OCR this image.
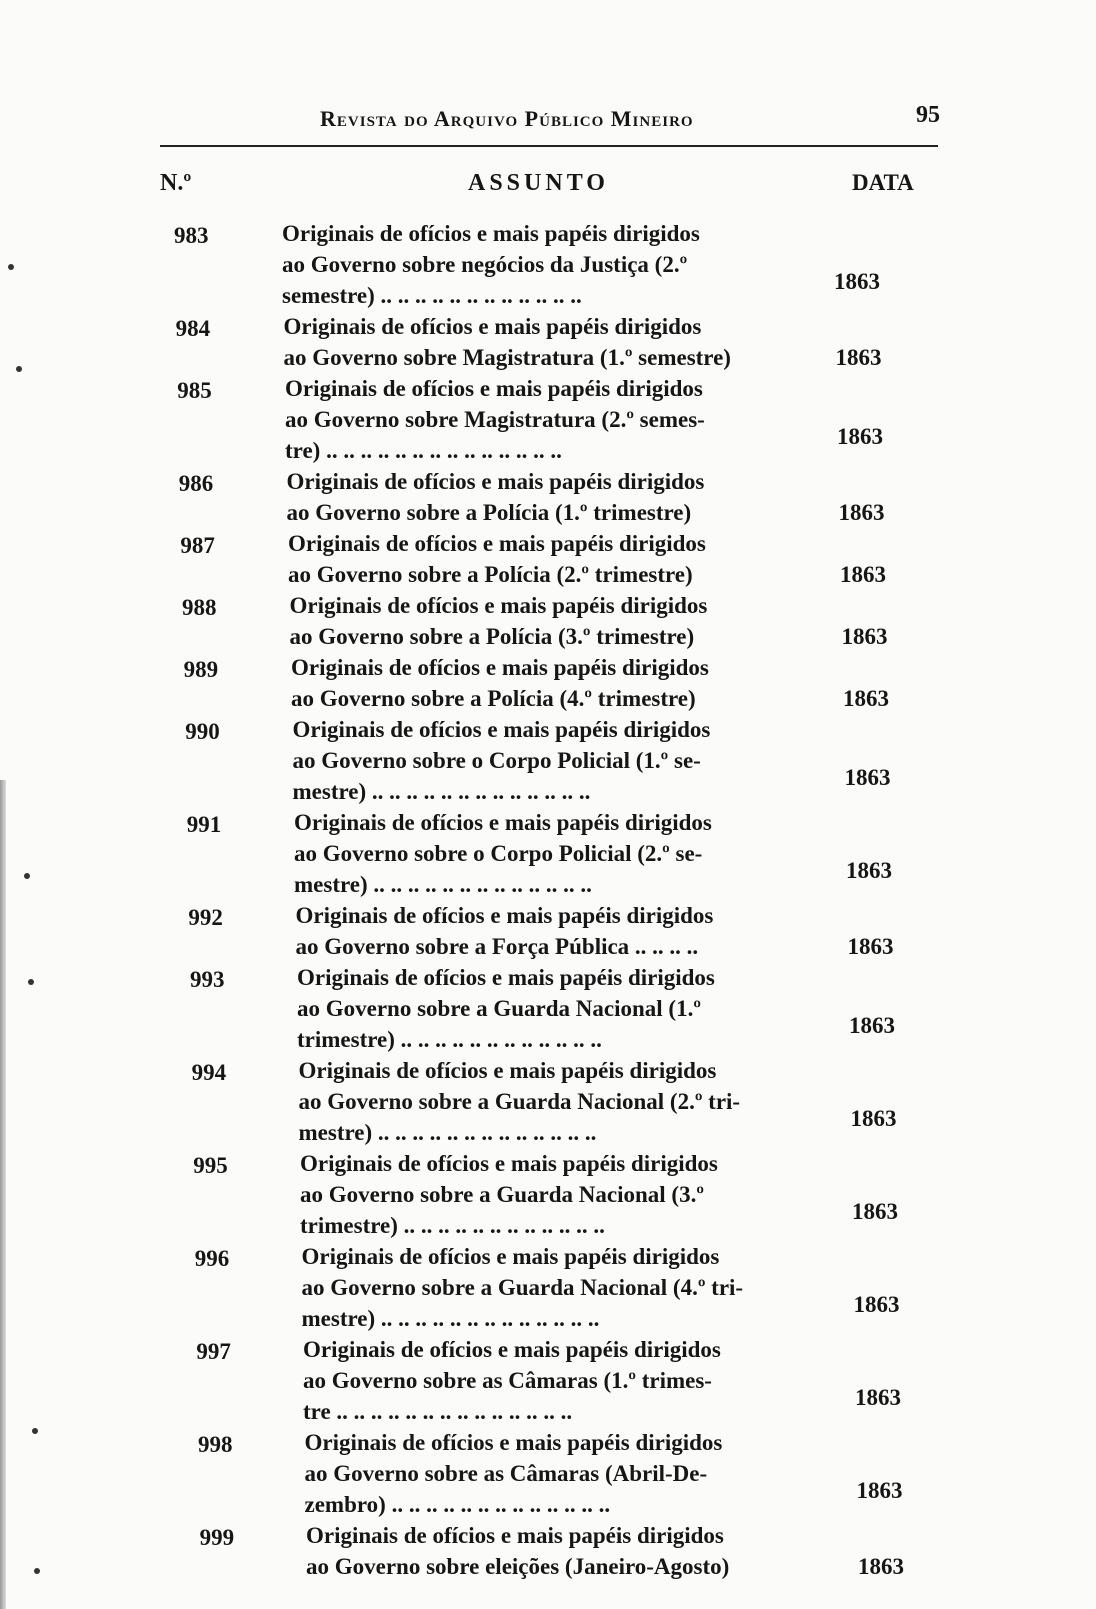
Revista do Arquivo Público Mineiro	95
N.º	ASSUNTO	DATA
983	Originais de ofícios e mais papéis dirigidos
ao Governo sobre negócios da Justiça (2.º
semestre) .. .. .. .. .. .. .. .. .. .. .. ..
1863
984	Originais de ofícios e mais papéis dirigidos
ao Governo sobre Magistratura (1.º semestre)	1863
985	Originais de ofícios e mais papéis dirigidos
ao Governo sobre Magistratura (2.º semes-
tre) .. .. .. .. .. .. .. .. .. .. .. .. .. ..
1863
986	Originais de ofícios e mais papéis dirigidos
ao Governo sobre a Polícia (1.º trimestre)	1863
987	Originais de ofícios e mais papéis dirigidos
ao Governo sobre a Polícia (2.º trimestre)	1863
988	Originais de ofícios e mais papéis dirigidos
ao Governo sobre a Polícia (3.º trimestre)	1863
989	Originais de ofícios e mais papéis dirigidos
ao Governo sobre a Polícia (4.º trimestre)	1863
990	Originais de ofícios e mais papéis dirigidos
ao Governo sobre o Corpo Policial (1.º se-
mestre) .. .. .. .. .. .. .. .. .. .. .. .. ..
1863
991	Originais de ofícios e mais papéis dirigidos
ao Governo sobre o Corpo Policial (2.º se-
mestre) .. .. .. .. .. .. .. .. .. .. .. .. ..
1863
992	Originais de ofícios e mais papéis dirigidos
ao Governo sobre a Força Pública .. .. .. ..	1863
993	Originais de ofícios e mais papéis dirigidos
ao Governo sobre a Guarda Nacional (1.º
trimestre) .. .. .. .. .. .. .. .. .. .. .. ..
1863
994	Originais de ofícios e mais papéis dirigidos
ao Governo sobre a Guarda Nacional (2.º tri-
mestre) .. .. .. .. .. .. .. .. .. .. .. .. ..
1863
995	Originais de ofícios e mais papéis dirigidos
ao Governo sobre a Guarda Nacional (3.º
trimestre) .. .. .. .. .. .. .. .. .. .. .. ..
1863
996	Originais de ofícios e mais papéis dirigidos
ao Governo sobre a Guarda Nacional (4.º tri-
mestre) .. .. .. .. .. .. .. .. .. .. .. .. ..
1863
997	Originais de ofícios e mais papéis dirigidos
ao Governo sobre as Câmaras (1.º trimes-
tre .. .. .. .. .. .. .. .. .. .. .. .. .. ..
1863
998	Originais de ofícios e mais papéis dirigidos
ao Governo sobre as Câmaras (Abril-De-
zembro) .. .. .. .. .. .. .. .. .. .. .. .. ..
1863
999	Originais de ofícios e mais papéis dirigidos
ao Governo sobre eleições (Janeiro-Agosto)	1863
